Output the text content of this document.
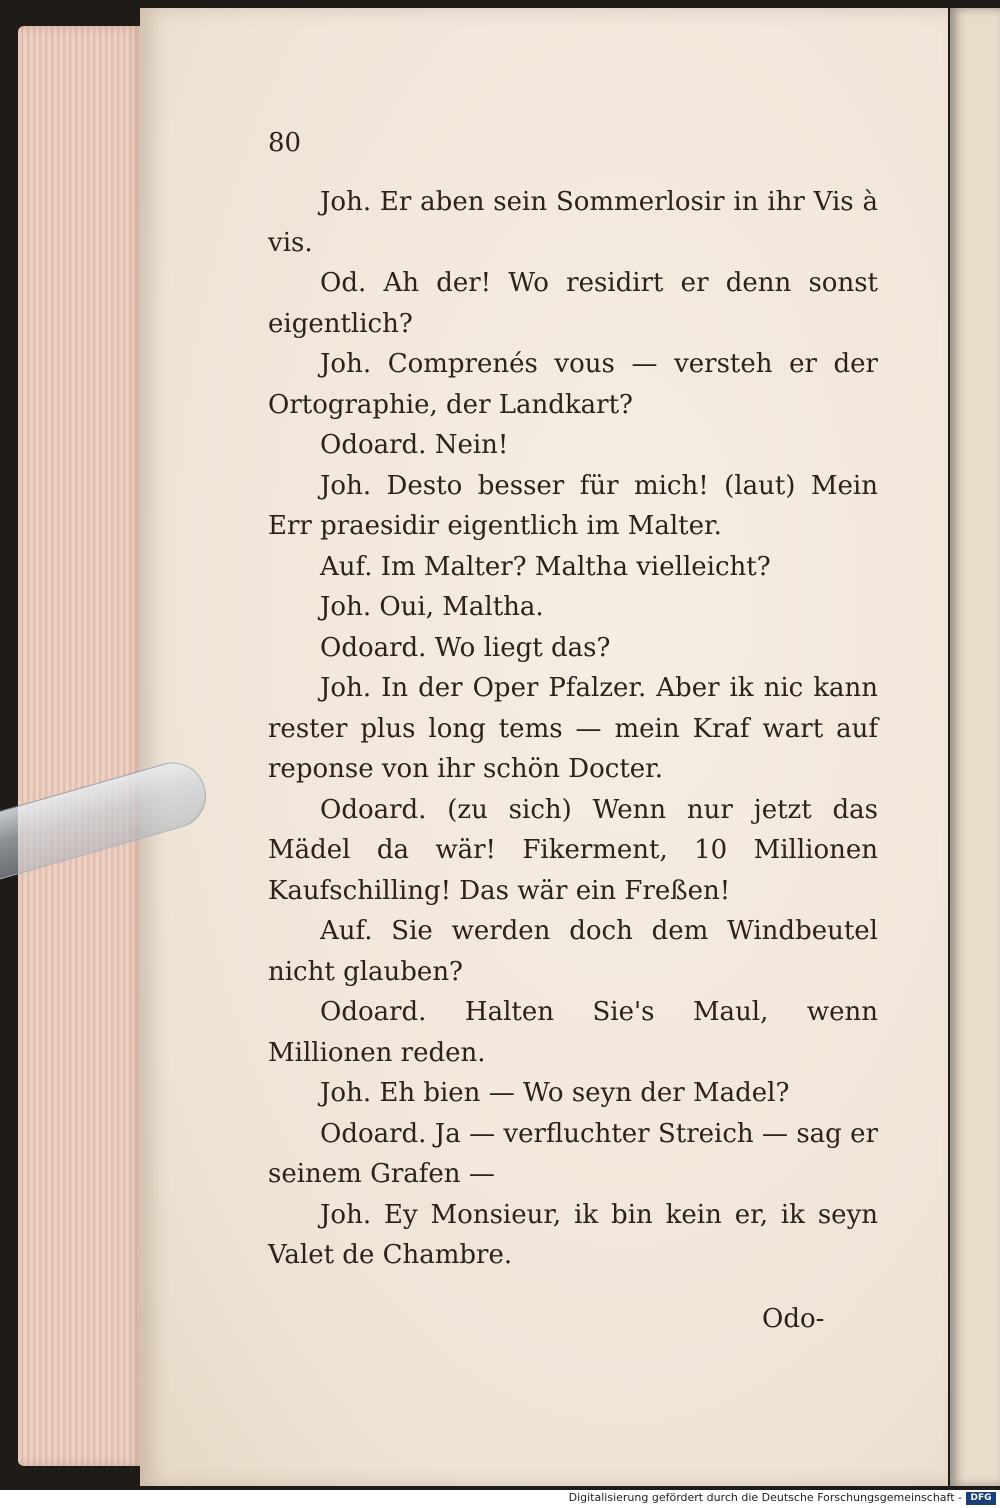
80

Joh. Er aben sein Sommerlosir in ihr Vis à vis.

Od. Ah der! Wo residirt er denn sonst eigentlich?

Joh. Comprenés vous — versteh er der Ortographie, der Landkart?

Odoard. Nein!

Joh. Desto besser für mich! (laut) Mein Err praesidir eigentlich im Malter.

Auf. Im Malter? Maltha vielleicht?

Joh. Oui, Maltha.

Odoard. Wo liegt das?

Joh. In der Oper Pfalzer. Aber ik nic kann rester plus long tems — mein Kraf wart auf reponse von ihr schön Docter.

Odoard. (zu sich) Wenn nur jetzt das Mädel da wär! Fikerment, 10 Millionen Kaufschilling! Das wär ein Freßen!

Auf. Sie werden doch dem Windbeutel nicht glauben?

Odoard. Halten Sie's Maul, wenn Millionen reden.

Joh. Eh bien — Wo seyn der Madel?

Odoard. Ja — verfluchter Streich — sag er seinem Grafen —

Joh. Ey Monsieur, ik bin kein er, ik seyn Valet de Chambre.

Odo-
Digitalisierung gefördert durch die Deutsche Forschungsgemeinschaft - DFG
